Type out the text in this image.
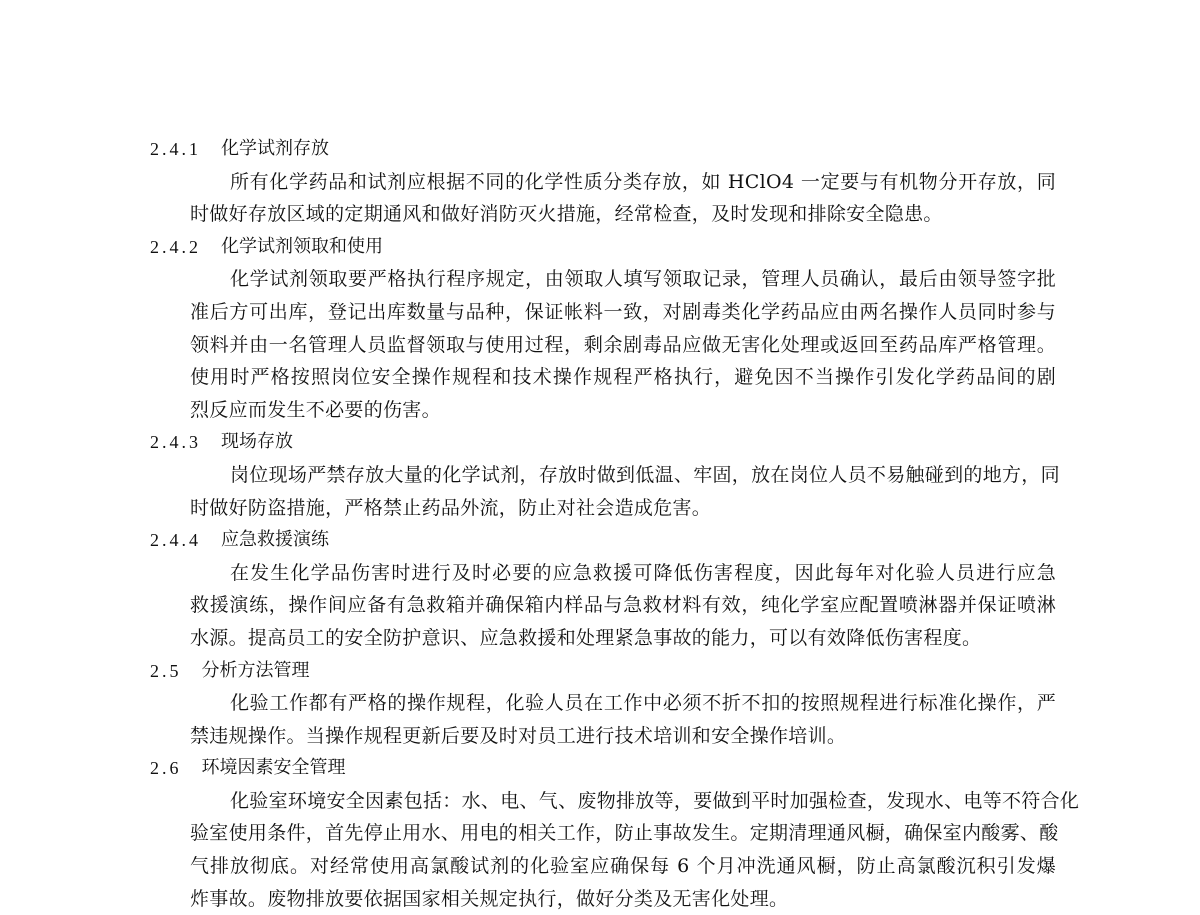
2.4.1 化学试剂存放
所有化学药品和试剂应根据不同的化学性质分类存放，如 HClO4 一定要与有机物分开存放，同
时做好存放区域的定期通风和做好消防灭火措施，经常检查，及时发现和排除安全隐患。
2.4.2 化学试剂领取和使用
化学试剂领取要严格执行程序规定，由领取人填写领取记录，管理人员确认，最后由领导签字批
准后方可出库，登记出库数量与品种，保证帐料一致，对剧毒类化学药品应由两名操作人员同时参与
领料并由一名管理人员监督领取与使用过程，剩余剧毒品应做无害化处理或返回至药品库严格管理。
使用时严格按照岗位安全操作规程和技术操作规程严格执行，避免因不当操作引发化学药品间的剧
烈反应而发生不必要的伤害。
2.4.3 现场存放
岗位现场严禁存放大量的化学试剂，存放时做到低温、牢固，放在岗位人员不易触碰到的地方，同
时做好防盗措施，严格禁止药品外流，防止对社会造成危害。
2.4.4 应急救援演练
在发生化学品伤害时进行及时必要的应急救援可降低伤害程度，因此每年对化验人员进行应急
救援演练，操作间应备有急救箱并确保箱内样品与急救材料有效，纯化学室应配置喷淋器并保证喷淋
水源。提高员工的安全防护意识、应急救援和处理紧急事故的能力，可以有效降低伤害程度。
2.5 分析方法管理
化验工作都有严格的操作规程，化验人员在工作中必须不折不扣的按照规程进行标准化操作，严
禁违规操作。当操作规程更新后要及时对员工进行技术培训和安全操作培训。
2.6 环境因素安全管理
化验室环境安全因素包括：水、电、气、废物排放等，要做到平时加强检查，发现水、电等不符合化
验室使用条件，首先停止用水、用电的相关工作，防止事故发生。定期清理通风橱，确保室内酸雾、酸
气排放彻底。对经常使用高氯酸试剂的化验室应确保每 6 个月冲洗通风橱，防止高氯酸沉积引发爆
炸事故。废物排放要依据国家相关规定执行，做好分类及无害化处理。
